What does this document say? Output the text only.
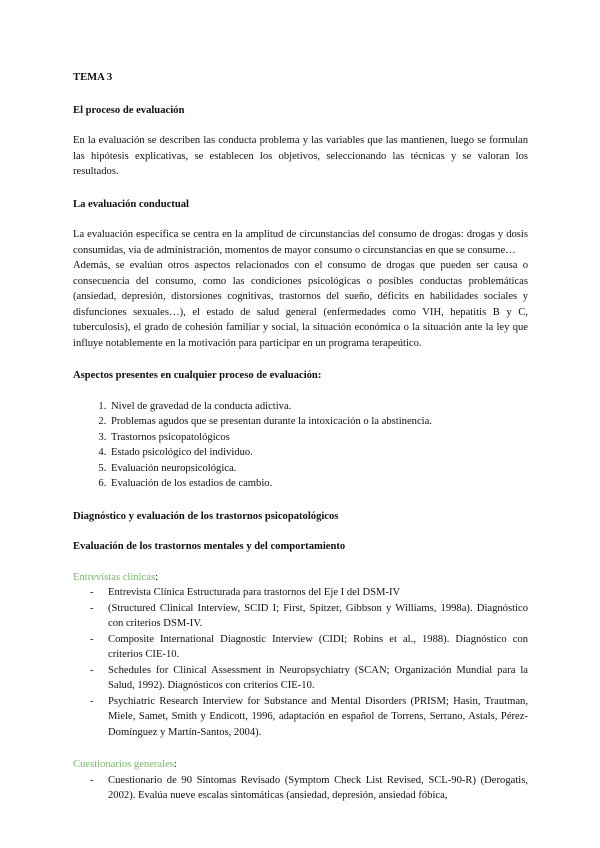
TEMA 3

El proceso de evaluación

En la evaluación se describen las conducta problema y las variables que las mantienen, luego se formulan las hipótesis explicativas, se establecen los objetivos, seleccionando las técnicas y se valoran los resultados.

La evaluación conductual

La evaluación específica se centra en la amplitud de circunstancias del consumo de drogas: drogas y dosis consumidas, vía de administración, momentos de mayor consumo o circunstancias en que se consume…

Además, se evalúan otros aspectos relacionados con el consumo de drogas que pueden ser causa o consecuencia del consumo, como las condiciones psicológicas o posibles conductas problemáticas (ansiedad, depresión, distorsiones cognitivas, trastornos del sueño, déficits en habilidades sociales y disfunciones sexuales…), el estado de salud general (enfermedades como VIH, hepatitis B y C, tuberculosis), el grado de cohesión familiar y social, la situación económica o la situación ante la ley que influye notablemente en la motivación para participar en un programa terapeútico.

Aspectos presentes en cualquier proceso de evaluación:

1. Nivel de gravedad de la conducta adictiva.
2. Problemas agudos que se presentan durante la intoxicación o la abstinencia.
3. Trastornos psicopatológicos
4. Estado psicológico del individuo.
5. Evaluación neuropsicológica.
6. Evaluación de los estadios de cambio.

Diagnóstico y evaluación de los trastornos psicopatológicos

Evaluación de los trastornos mentales y del comportamiento

Entrevistas clínicas:

- Entrevista Clínica Estructurada para trastornos del Eje I del DSM-IV
- (Structured Clinical Interview, SCID I; First, Spitzer, Gibbson y Williams, 1998a). Diagnóstico con criterios DSM-IV.
- Composite International Diagnostic Interview (CIDI; Robins et al., 1988). Diagnóstico con criterios CIE-10.
- Schedules for Clinical Assessment in Neuropsychiatry (SCAN; Organización Mundial para la Salud, 1992). Diagnósticos con criterios CIE-10.
- Psychiatric Research Interview for Substance and Mental Disorders (PRISM; Hasin, Trautman, Miele, Samet, Smith y Endicott, 1996, adaptación en español de Torrens, Serrano, Astals, Pérez-Domínguez y Martín-Santos, 2004).

Cuestionarios generales:

- Cuestionario de 90 Síntomas Revisado (Symptom Check List Revised, SCL-90-R) (Derogatis, 2002). Evalúa nueve escalas sintomáticas (ansiedad, depresión, ansiedad fóbica,
